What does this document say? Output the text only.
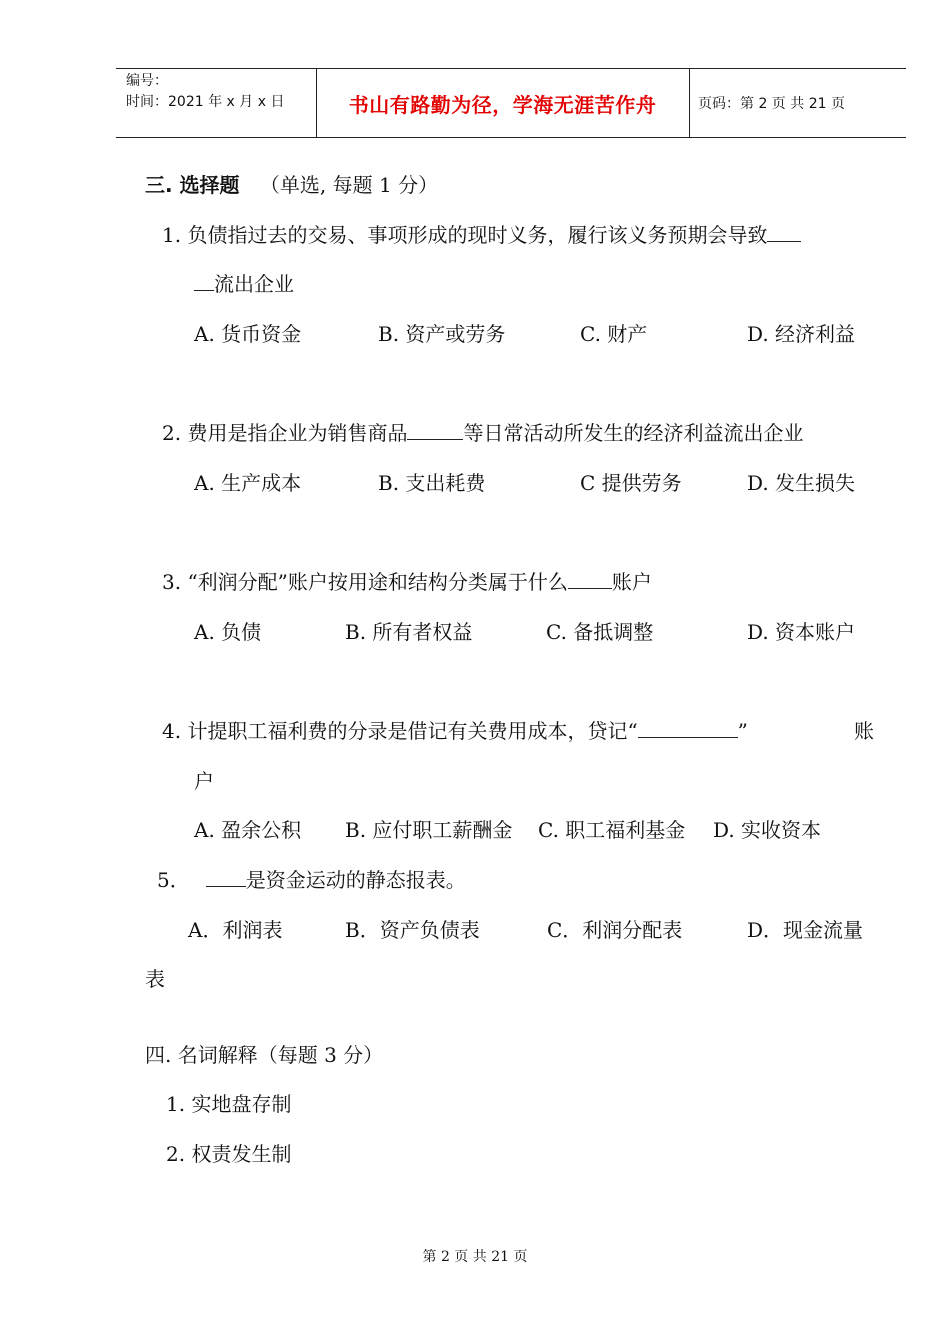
编号：
时间：2021 年 x 月 x 日	书山有路勤为径，学海无涯苦作舟	页码：第 2 页 共 21 页
三. 选择题 （单选, 每题 1 分）
1. 负债指过去的交易、事项形成的现时义务，履行该义务预期会导致
流出企业
A. 货币资金	B. 资产或劳务	C. 财产	D. 经济利益
2. 费用是指企业为销售商品	等日常活动所发生的经济利益流出企业
A. 生产成本	B. 支出耗费	C 提供劳务	D. 发生损失
3. “利润分配”账户按用途和结构分类属于什么 账户
A. 负债	B. 所有者权益	C. 备抵调整	D. 资本账户
4. 计提职工福利费的分录是借记有关费用成本，贷记“	”	账
户
A. 盈余公积 B. 应付职工薪酬金 C. 职工福利基金 D. 实收资本
5．	是资金运动的静态报表。
A．利润表	B．资产负债表	C．利润分配表	D．现金流量
表
四. 名词解释（每题 3 分）
1. 实地盘存制
2. 权责发生制
第 2 页 共 21 页
